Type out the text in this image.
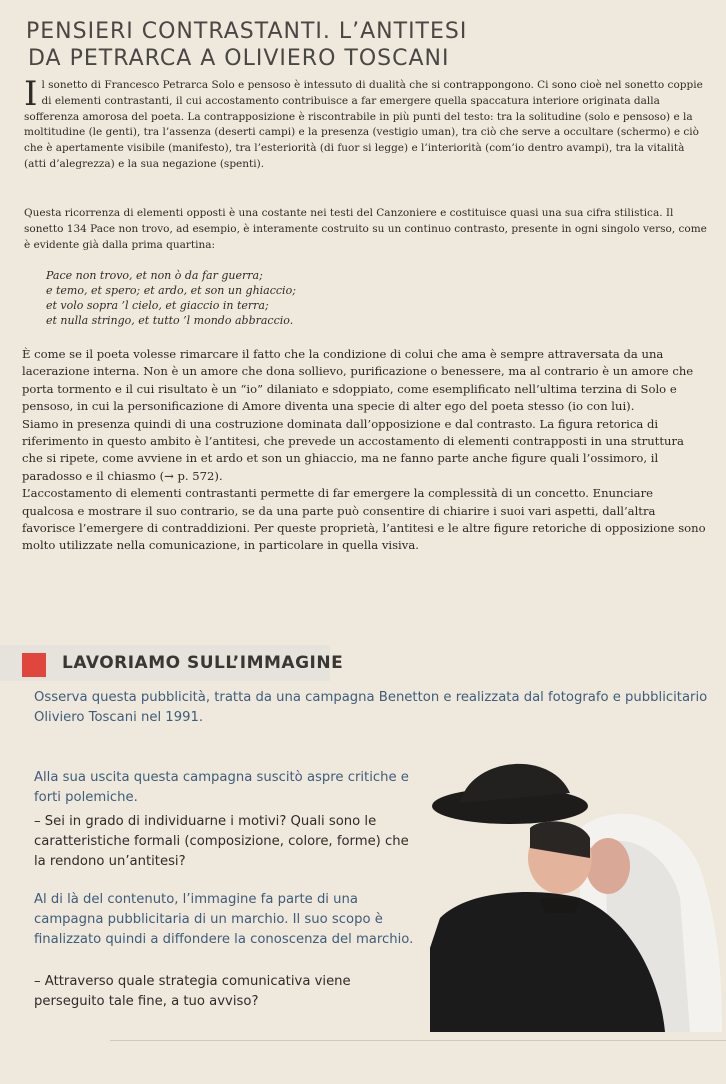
PENSIERI CONTRASTANTI. L’ANTITESI
DA PETRARCA A OLIVIERO TOSCANI
I l sonetto di Francesco Petrarca Solo e pensoso è intessuto di dualità che si contrappongono. Ci sono cioè nel sonetto coppie di elementi contrastanti, il cui accostamento contribuisce a far emergere quella spaccatura interiore originata dalla sofferenza amorosa del poeta. La contrapposizione è riscontrabile in più punti del testo: tra la solitudine (solo e pensoso) e la moltitudine (le genti), tra l’assenza (deserti campi) e la presenza (vestigio uman), tra ciò che serve a occultare (schermo) e ciò che è apertamente visibile (manifesto), tra l’esteriorità (di fuor si legge) e l’interiorità (com’io dentro avampi), tra la vitalità (atti d’alegrezza) e la sua negazione (spenti).

Questa ricorrenza di elementi opposti è una costante nei testi del Canzoniere e costituisce quasi una sua cifra stilistica. Il sonetto 134 Pace non trovo, ad esempio, è interamente costruito su un continuo contrasto, presente in ogni singolo verso, come è evidente già dalla prima quartina:

Pace non trovo, et non ò da far guerra;
e temo, et spero; et ardo, et son un ghiaccio;
et volo sopra ’l cielo, et giaccio in terra;
et nulla stringo, et tutto ’l mondo abbraccio.

È come se il poeta volesse rimarcare il fatto che la condizione di colui che ama è sempre attraversata da una lacerazione interna. Non è un amore che dona sollievo, purificazione o benessere, ma al contrario è un amore che porta tormento e il cui risultato è un “io” dilaniato e sdoppiato, come esemplificato nell’ultima terzina di Solo e pensoso, in cui la personificazione di Amore diventa una specie di alter ego del poeta stesso (io con lui).

Siamo in presenza quindi di una costruzione dominata dall’opposizione e dal contrasto. La figura retorica di riferimento in questo ambito è l’antitesi, che prevede un accostamento di elementi contrapposti in una struttura che si ripete, come avviene in et ardo et son un ghiaccio, ma ne fanno parte anche figure quali l’ossimoro, il paradosso e il chiasmo (→ p. 572).

L’accostamento di elementi contrastanti permette di far emergere la complessità di un concetto. Enunciare qualcosa e mostrare il suo contrario, se da una parte può consentire di chiarire i suoi vari aspetti, dall’altra favorisce l’emergere di contraddizioni. Per queste proprietà, l’antitesi e le altre figure retoriche di opposizione sono molto utilizzate nella comunicazione, in particolare in quella visiva.

LAVORIAMO SULL’IMMAGINE
Osserva questa pubblicità, tratta da una campagna Benetton e realizzata dal fotografo e pubblicitario Oliviero Toscani nel 1991.
Alla sua uscita questa campagna suscitò aspre critiche e forti polemiche.
– Sei in grado di individuarne i motivi? Quali sono le caratteristiche formali (composizione, colore, forme) che la rendono un’antitesi?
Al di là del contenuto, l’immagine fa parte di una campagna pubblicitaria di un marchio. Il suo scopo è finalizzato quindi a diffondere la conoscenza del marchio.
– Attraverso quale strategia comunicativa viene perseguito tale fine, a tuo avviso?
